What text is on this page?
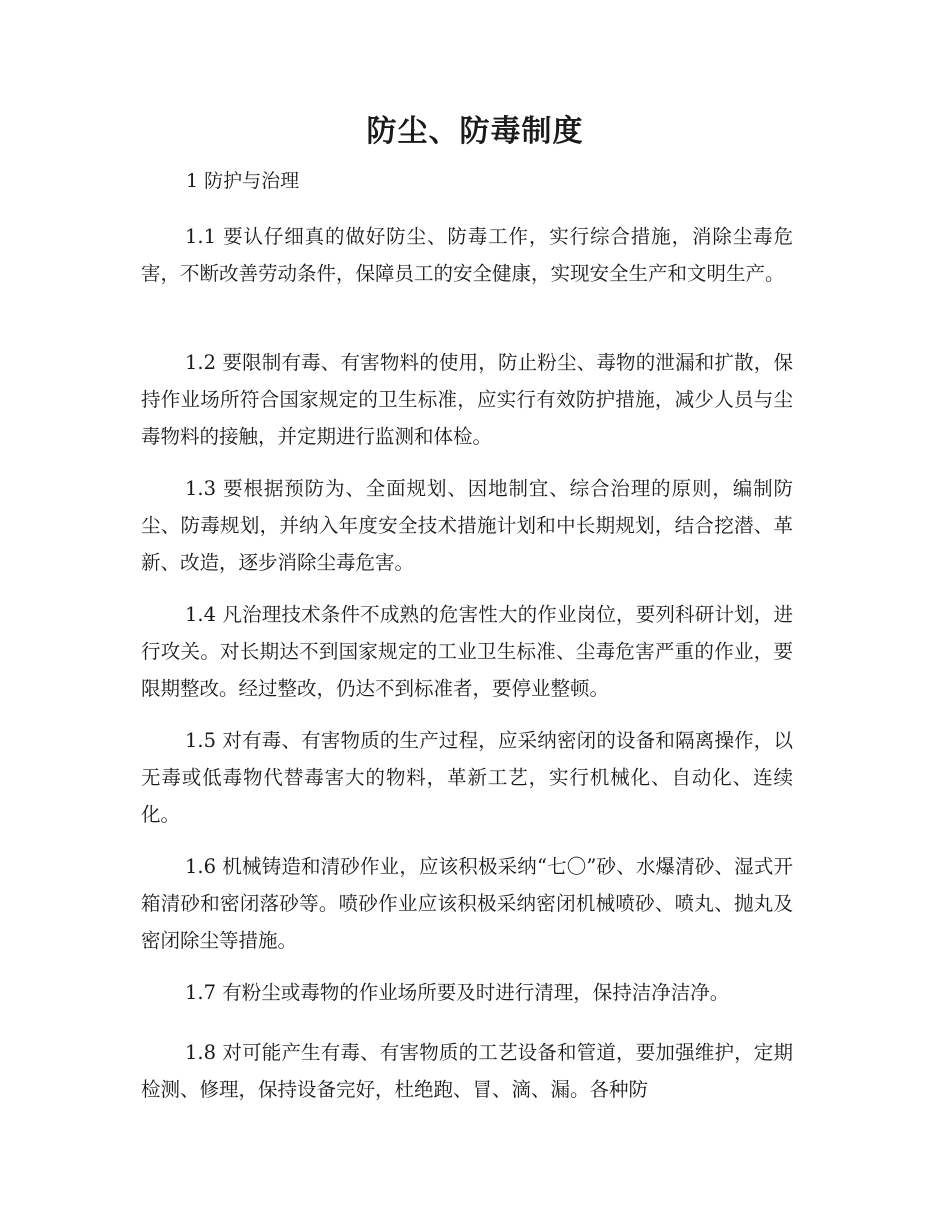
防尘、防毒制度

1 防护与治理

1.1 要认仔细真的做好防尘、防毒工作，实行综合措施，消除尘毒危害，不断改善劳动条件，保障员工的安全健康，实现安全生产和文明生产。

1.2 要限制有毒、有害物料的使用，防止粉尘、毒物的泄漏和扩散，保持作业场所符合国家规定的卫生标准，应实行有效防护措施，减少人员与尘毒物料的接触，并定期进行监测和体检。

1.3 要根据预防为、全面规划、因地制宜、综合治理的原则，编制防尘、防毒规划，并纳入年度安全技术措施计划和中长期规划，结合挖潜、革新、改造，逐步消除尘毒危害。

1.4 凡治理技术条件不成熟的危害性大的作业岗位，要列科研计划，进行攻关。对长期达不到国家规定的工业卫生标准、尘毒危害严重的作业，要限期整改。经过整改，仍达不到标准者，要停业整顿。

1.5 对有毒、有害物质的生产过程，应采纳密闭的设备和隔离操作，以无毒或低毒物代替毒害大的物料，革新工艺，实行机械化、自动化、连续化。

1.6 机械铸造和清砂作业，应该积极采纳“七〇”砂、水爆清砂、湿式开箱清砂和密闭落砂等。喷砂作业应该积极采纳密闭机械喷砂、喷丸、抛丸及密闭除尘等措施。

1.7 有粉尘或毒物的作业场所要及时进行清理，保持洁净洁净。

1.8 对可能产生有毒、有害物质的工艺设备和管道，要加强维护，定期检测、修理，保持设备完好，杜绝跑、冒、滴、漏。各种防
